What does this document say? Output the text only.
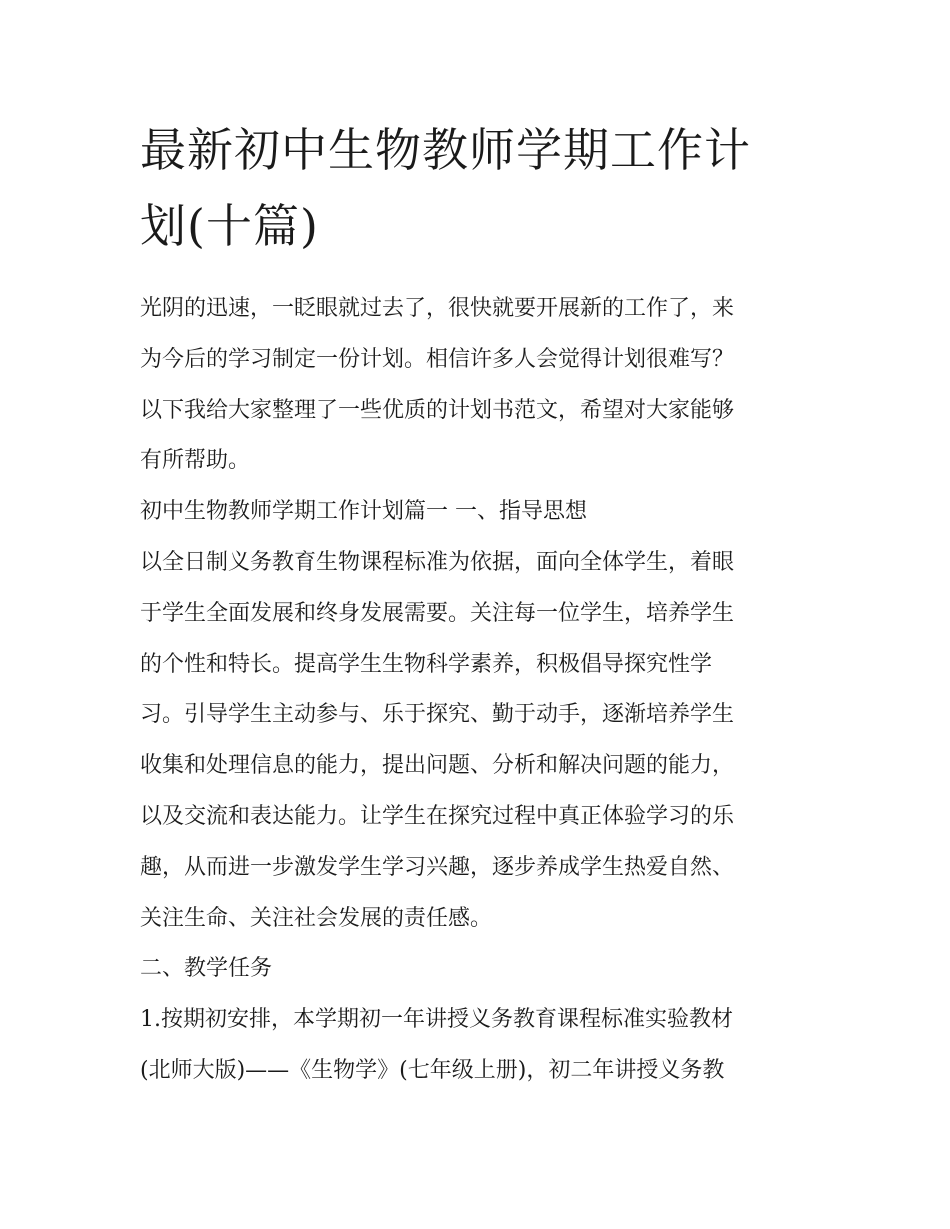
最新初中生物教师学期工作计
划(十篇)
光阴的迅速，一眨眼就过去了，很快就要开展新的工作了，来
为今后的学习制定一份计划。相信许多人会觉得计划很难写？
以下我给大家整理了一些优质的计划书范文，希望对大家能够
有所帮助。
初中生物教师学期工作计划篇一 一、指导思想
以全日制义务教育生物课程标准为依据，面向全体学生，着眼
于学生全面发展和终身发展需要。关注每一位学生，培养学生
的个性和特长。提高学生生物科学素养，积极倡导探究性学
习。引导学生主动参与、乐于探究、勤于动手，逐渐培养学生
收集和处理信息的能力，提出问题、分析和解决问题的能力，
以及交流和表达能力。让学生在探究过程中真正体验学习的乐
趣，从而进一步激发学生学习兴趣，逐步养成学生热爱自然、
关注生命、关注社会发展的责任感。
二、教学任务
1.按期初安排，本学期初一年讲授义务教育课程标准实验教材
(北师大版)——《生物学》(七年级上册)，初二年讲授义务教
